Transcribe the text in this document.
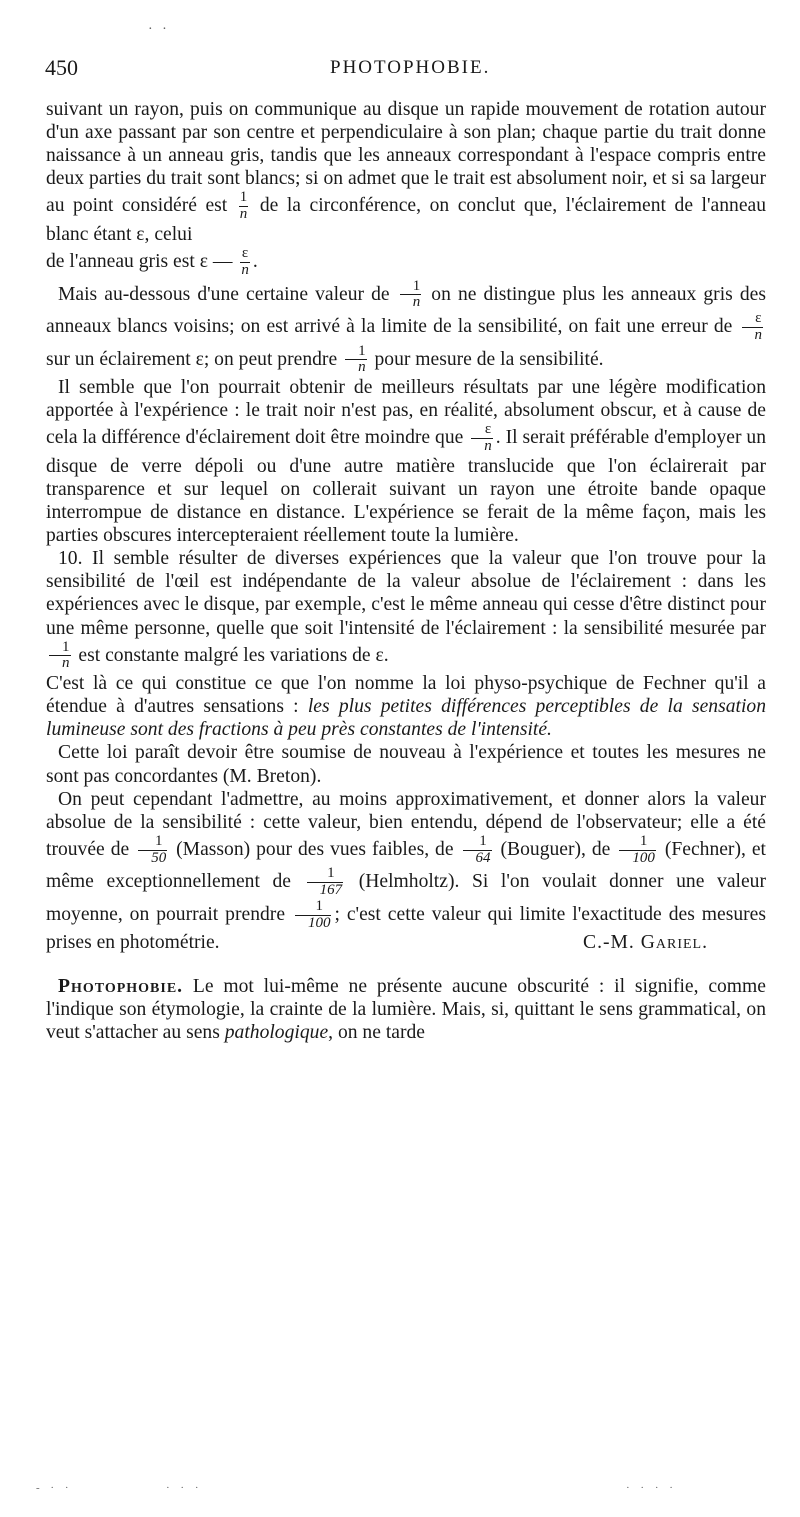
· ·
450	PHOTOPHOBIE.

suivant un rayon, puis on communique au disque un rapide mouvement de rotation autour d'un axe passant par son centre et perpendiculaire à son plan; chaque partie du trait donne naissance à un anneau gris, tandis que les anneaux correspondant à l'espace compris entre deux parties du trait sont blancs; si on admet que le trait est absolument noir, et si sa largeur au point considéré est $\frac{1}{n}$ de la circonférence, on conclut que, l'éclairement de l'anneau blanc étant ε, celui

de l'anneau gris est ε — $\frac{\varepsilon}{n}$ .

Mais au-dessous d'une certaine valeur de $\frac{1}{n}$ on ne distingue plus les anneaux gris des anneaux blancs voisins; on est arrivé à la limite de la sensibilité, on fait une erreur de $\frac{\varepsilon}{n}$
sur un éclairement ε; on peut prendre $\frac{1}{n}$ pour mesure de la sensibilité.

Il semble que l'on pourrait obtenir de meilleurs résultats par une légère modification apportée à l'expérience : le trait noir n'est pas, en réalité, absolument obscur, et à cause de cela la différence d'éclairement doit être moindre que $\frac{\varepsilon}{n}$ . Il serait préférable d'employer un disque de verre dépoli ou d'une autre matière translucide que l'on éclairerait par transparence et sur lequel on collerait suivant un rayon une étroite bande opaque interrompue de distance en distance. L'expérience se ferait de la même façon, mais les parties obscures intercepteraient réellement toute la lumière.

10. Il semble résulter de diverses expériences que la valeur que l'on trouve pour la sensibilité de l'œil est indépendante de la valeur absolue de l'éclairement : dans les expériences avec le disque, par exemple, c'est le même anneau qui cesse d'être distinct pour une même personne, quelle que soit l'intensité de l'éclairement : la sensibilité mesurée par
$\frac{1}{n}$ est constante malgré les variations de ε.

C'est là ce qui constitue ce que l'on nomme la loi physo-psychique de Fechner qu'il a étendue à d'autres sensations : les plus petites différences perceptibles de la sensation lumineuse sont des fractions à peu près constantes de l'intensité.

Cette loi paraît devoir être soumise de nouveau à l'expérience et toutes les mesures ne sont pas concordantes (M. Breton).

On peut cependant l'admettre, au moins approximativement, et donner alors la valeur absolue de la sensibilité : cette valeur, bien entendu, dépend de l'observateur; elle a été trouvée de $\frac{1}{50}$ (Masson) pour des vues faibles, de $\frac{1}{64}$ (Bouguer), de $\frac{1}{100}$ (Fechner), et même exceptionnellement de $\frac{1}{167}$ (Helmholtz). Si l'on voulait donner une valeur moyenne, on pourrait prendre $\frac{1}{100}$ ; c'est cette valeur qui limite l'exactitude des mesures prises en photométrie.	C.-M. Gariel.

Photophobie. Le mot lui-même ne présente aucune obscurité : il signifie, comme l'indique son étymologie, la crainte de la lumière. Mais, si, quittant le sens grammatical, on veut s'attacher au sens pathologique, on ne tarde

- · ·	· · ·	· · · ·
